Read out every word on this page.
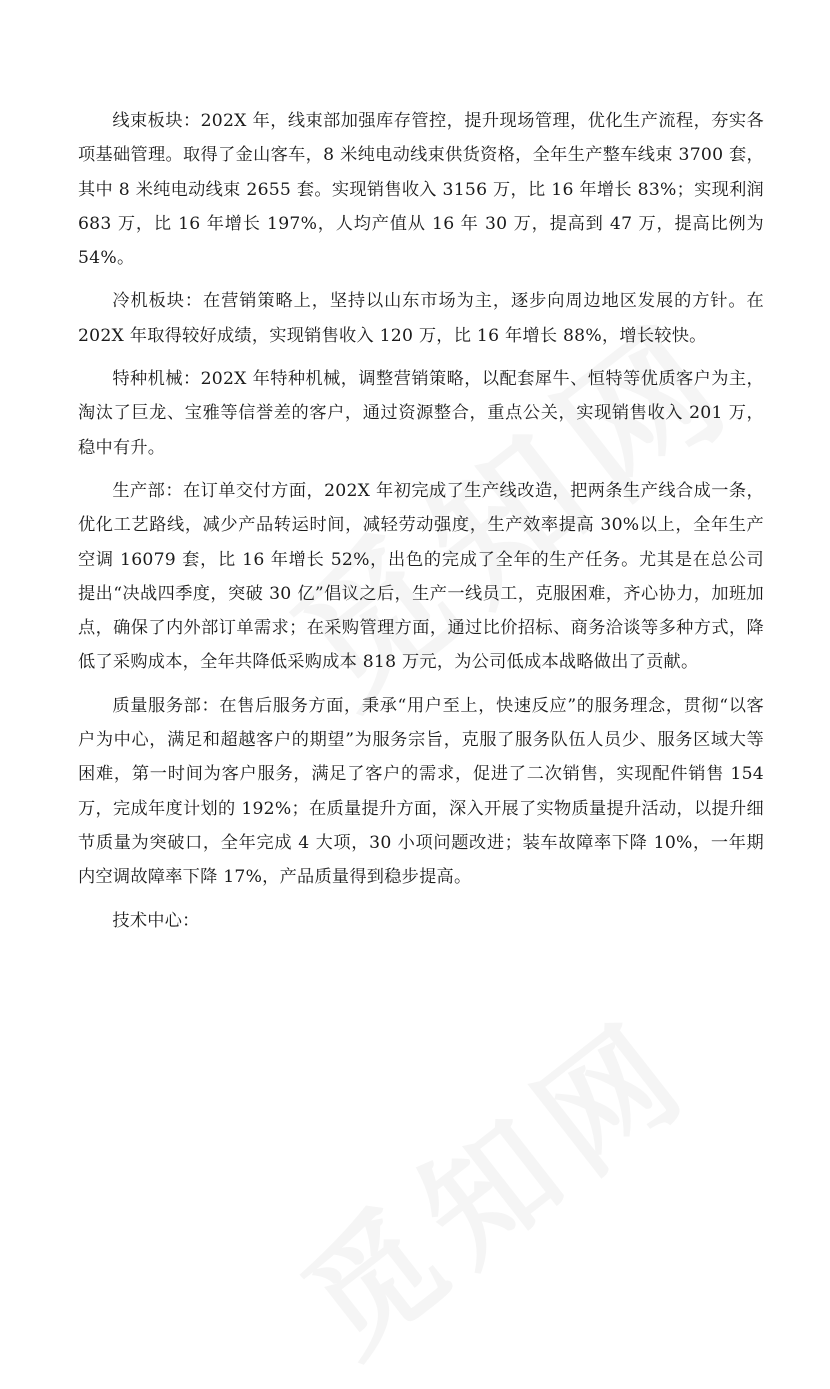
线束板块：202X 年，线束部加强库存管控，提升现场管理，优化生产流程，夯实各项基础管理。取得了金山客车，8 米纯电动线束供货资格，全年生产整车线束 3700 套，其中 8 米纯电动线束 2655 套。实现销售收入 3156 万，比 16 年增长 83%；实现利润 683 万，比 16 年增长 197%，人均产值从 16 年 30 万，提高到 47 万，提高比例为 54%。

冷机板块：在营销策略上，坚持以山东市场为主，逐步向周边地区发展的方针。在 202X 年取得较好成绩，实现销售收入 120 万，比 16 年增长 88%，增长较快。

特种机械：202X 年特种机械，调整营销策略，以配套犀牛、恒特等优质客户为主，淘汰了巨龙、宝雅等信誉差的客户，通过资源整合，重点公关，实现销售收入 201 万，稳中有升。

生产部：在订单交付方面，202X 年初完成了生产线改造，把两条生产线合成一条，优化工艺路线，减少产品转运时间，减轻劳动强度，生产效率提高 30%以上，全年生产空调 16079 套，比 16 年增长 52%，出色的完成了全年的生产任务。尤其是在总公司提出“决战四季度，突破 30 亿”倡议之后，生产一线员工，克服困难，齐心协力，加班加点，确保了内外部订单需求；在采购管理方面，通过比价招标、商务洽谈等多种方式，降低了采购成本，全年共降低采购成本 818 万元，为公司低成本战略做出了贡献。

质量服务部：在售后服务方面，秉承“用户至上，快速反应”的服务理念，贯彻“以客户为中心，满足和超越客户的期望”为服务宗旨，克服了服务队伍人员少、服务区域大等困难，第一时间为客户服务，满足了客户的需求，促进了二次销售，实现配件销售 154 万，完成年度计划的 192%；在质量提升方面，深入开展了实物质量提升活动，以提升细节质量为突破口，全年完成 4 大项，30 小项问题改进；装车故障率下降 10%，一年期内空调故障率下降 17%，产品质量得到稳步提高。

技术中心：
